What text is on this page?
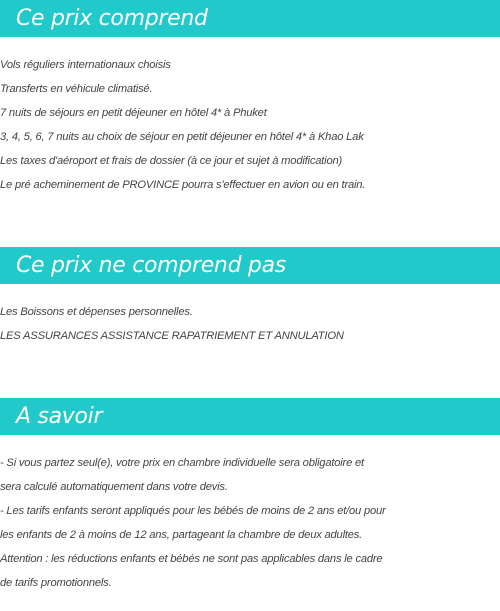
Ce prix comprend
Vols réguliers internationaux choisis
Transferts en véhicule climatisé.
7 nuits de séjours en petit déjeuner en hôtel 4* à Phuket
3, 4, 5, 6, 7 nuits au choix de séjour en petit déjeuner en hôtel 4* à Khao Lak
Les taxes d'aéroport et frais de dossier (à ce jour et sujet à modification)
Le pré acheminement de PROVINCE pourra s'effectuer en avion ou en train.
Ce prix ne comprend pas
Les Boissons et dépenses personnelles.
LES ASSURANCES ASSISTANCE RAPATRIEMENT ET ANNULATION
A savoir
- Si vous partez seul(e), votre prix en chambre individuelle sera obligatoire et
sera calculé automatiquement dans votre devis.
- Les tarifs enfants seront appliqués pour les bébés de moins de 2 ans et/ou pour
les enfants de 2 à moins de 12 ans, partageant la chambre de deux adultes.
Attention : les réductions enfants et bébés ne sont pas applicables dans le cadre
de tarifs promotionnels.
